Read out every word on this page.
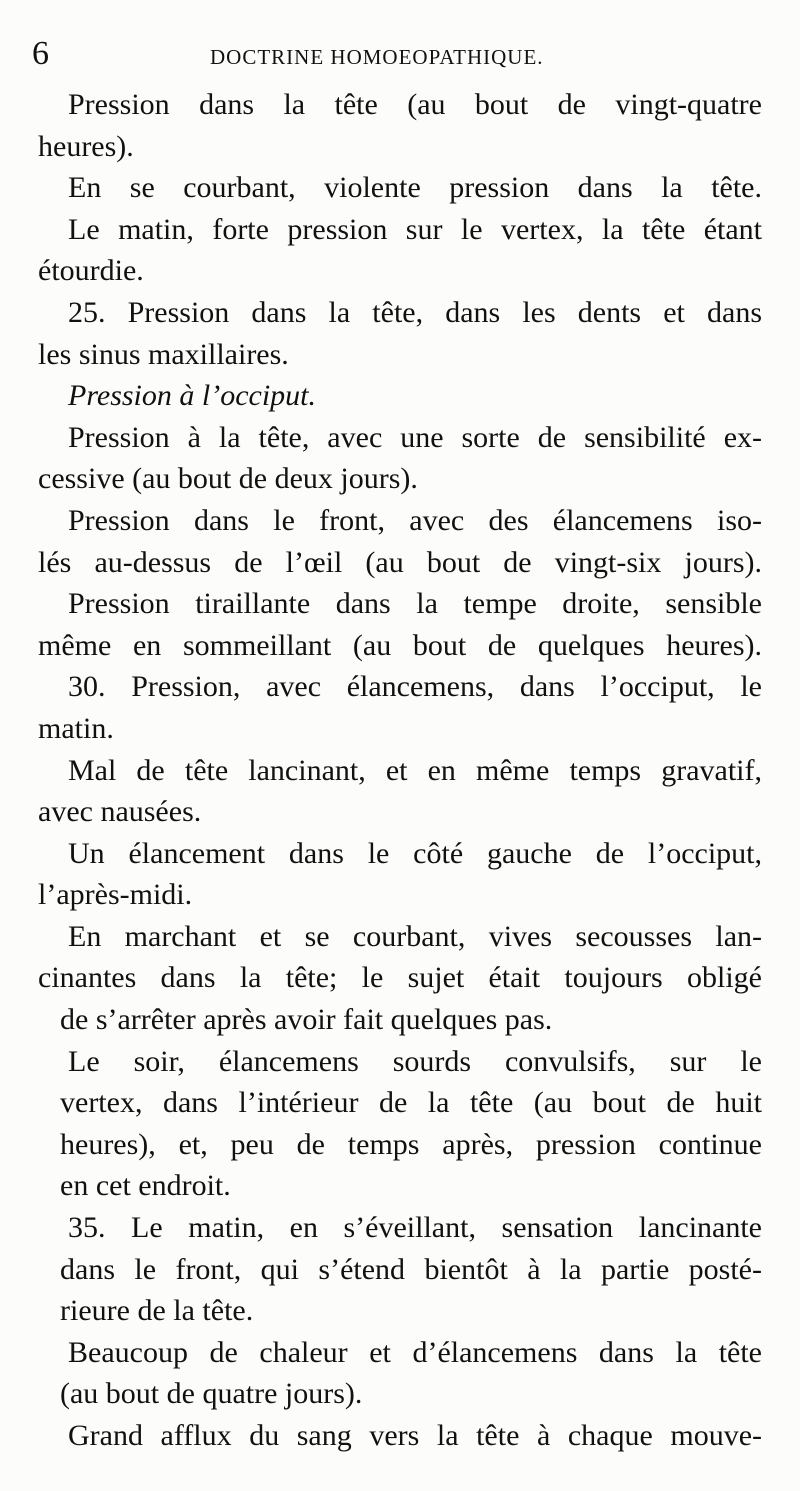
6	DOCTRINE HOMOEOPATHIQUE.
Pression dans la tête (au bout de vingt-quatre
heures).
En se courbant, violente pression dans la tête.
Le matin, forte pression sur le vertex, la tête étant
étourdie.
25. Pression dans la tête, dans les dents et dans
les sinus maxillaires.
Pression à l’occiput.
Pression à la tête, avec une sorte de sensibilité ex-
cessive (au bout de deux jours).
Pression dans le front, avec des élancemens iso-
lés au-dessus de l’œil (au bout de vingt-six jours).
Pression tiraillante dans la tempe droite, sensible
même en sommeillant (au bout de quelques heures).
30. Pression, avec élancemens, dans l’occiput, le
matin.
Mal de tête lancinant, et en même temps gravatif,
avec nausées.
Un élancement dans le côté gauche de l’occiput,
l’après-midi.
En marchant et se courbant, vives secousses lan-
cinantes dans la tête; le sujet était toujours obligé
de s’arrêter après avoir fait quelques pas.
Le soir, élancemens sourds convulsifs, sur le
vertex, dans l’intérieur de la tête (au bout de huit
heures), et, peu de temps après, pression continue
en cet endroit.
35. Le matin, en s’éveillant, sensation lancinante
dans le front, qui s’étend bientôt à la partie posté-
rieure de la tête.
Beaucoup de chaleur et d’élancemens dans la tête
(au bout de quatre jours).
Grand afflux du sang vers la tête à chaque mouve-
